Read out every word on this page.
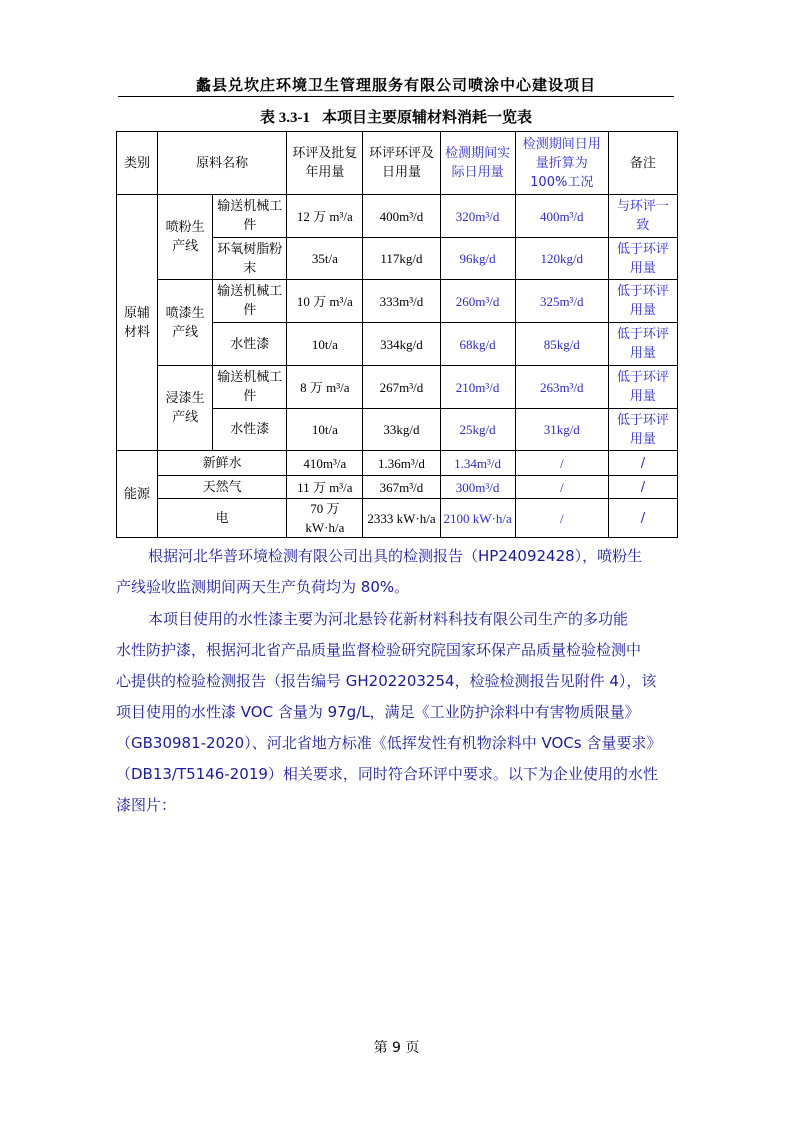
蠡县兑坎庄环境卫生管理服务有限公司喷涂中心建设项目
表 3.3-1 本项目主要原辅材料消耗一览表
类别	原料名称		环评及批复年用量	环评环评及日用量	检测期间实际日用量	检测期间日用量折算为100%工况	备注
原辅材料	喷粉生产线	输送机械工件	12 万 m³/a	400m³/d	320m³/d	400m³/d	与环评一致
		环氧树脂粉末	35t/a	117kg/d	96kg/d	120kg/d	低于环评用量
	喷漆生产线	输送机械工件	10 万 m³/a	333m³/d	260m³/d	325m³/d	低于环评用量
		水性漆	10t/a	334kg/d	68kg/d	85kg/d	低于环评用量
	浸漆生产线	输送机械工件	8 万 m³/a	267m³/d	210m³/d	263m³/d	低于环评用量
		水性漆	10t/a	33kg/d	25kg/d	31kg/d	低于环评用量
能源	新鲜水		410m³/a	1.36m³/d	1.34m³/d	/	/
	天然气		11 万 m³/a	367m³/d	300m³/d	/	/
	电		70 万 kW·h/a	2333 kW·h/a	2100 kW·h/a	/	/
根据河北华普环境检测有限公司出具的检测报告（HP24092428），喷粉生
产线验收监测期间两天生产负荷均为 80%。
本项目使用的水性漆主要为河北悬铃花新材料科技有限公司生产的多功能
水性防护漆，根据河北省产品质量监督检验研究院国家环保产品质量检验检测中
心提供的检验检测报告（报告编号 GH202203254，检验检测报告见附件 4），该
项目使用的水性漆 VOC 含量为 97g/L，满足《工业防护涂料中有害物质限量》
（GB30981-2020）、河北省地方标准《低挥发性有机物涂料中 VOCs 含量要求》
（DB13/T5146-2019）相关要求，同时符合环评中要求。以下为企业使用的水性
漆图片：
第 9 页
